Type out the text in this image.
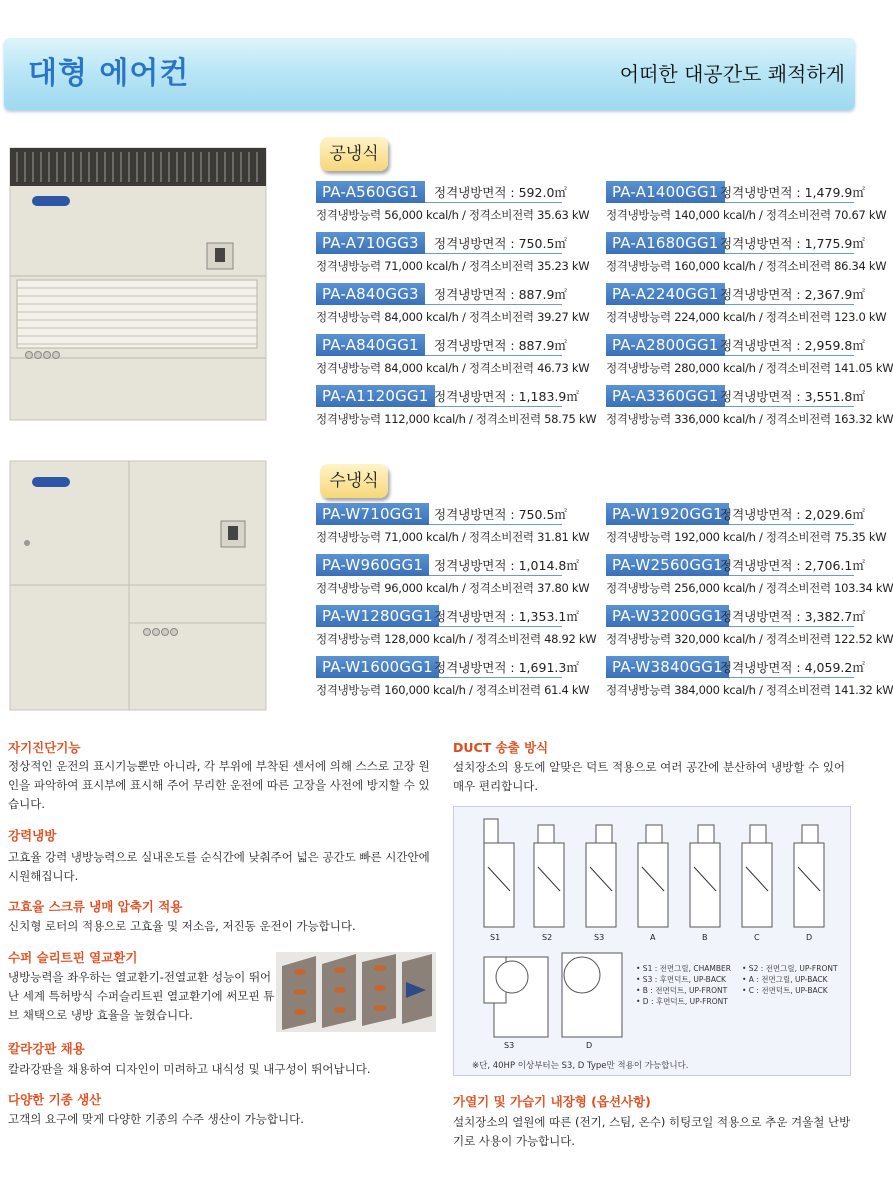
대형 에어컨	어떠한 대공간도 쾌적하게
공냉식
PA-A560GG1	정격냉방면적 : 592.0㎡
정격냉방능력 56,000 kcal/h / 정격소비전력 35.63 kW
PA-A710GG3	정격냉방면적 : 750.5㎡
정격냉방능력 71,000 kcal/h / 정격소비전력 35.23 kW
PA-A840GG3	정격냉방면적 : 887.9㎡
정격냉방능력 84,000 kcal/h / 정격소비전력 39.27 kW
PA-A840GG1	정격냉방면적 : 887.9㎡
정격냉방능력 84,000 kcal/h / 정격소비전력 46.73 kW
PA-A1120GG1 정격냉방면적 : 1,183.9㎡
정격냉방능력 112,000 kcal/h / 정격소비전력 58.75 kW
PA-A1400GG1 정격냉방면적 : 1,479.9㎡
정격냉방능력 140,000 kcal/h / 정격소비전력 70.67 kW
PA-A1680GG1 정격냉방면적 : 1,775.9㎡
정격냉방능력 160,000 kcal/h / 정격소비전력 86.34 kW
PA-A2240GG1 정격냉방면적 : 2,367.9㎡
정격냉방능력 224,000 kcal/h / 정격소비전력 123.0 kW
PA-A2800GG1 정격냉방면적 : 2,959.8㎡
정격냉방능력 280,000 kcal/h / 정격소비전력 141.05 kW
PA-A3360GG1 정격냉방면적 : 3,551.8㎡
정격냉방능력 336,000 kcal/h / 정격소비전력 163.32 kW
수냉식
PA-W710GG1 정격냉방면적 : 750.5㎡
정격냉방능력 71,000 kcal/h / 정격소비전력 31.81 kW
PA-W960GG1 정격냉방면적 : 1,014.8㎡
정격냉방능력 96,000 kcal/h / 정격소비전력 37.80 kW
PA-W1280GG1 정격냉방면적 : 1,353.1㎡
정격냉방능력 128,000 kcal/h / 정격소비전력 48.92 kW
PA-W1600GG1 정격냉방면적 : 1,691.3㎡
정격냉방능력 160,000 kcal/h / 정격소비전력 61.4 kW
PA-W1920GG1
정격냉방면적 : 2,029.6㎡
정격냉방능력 192,000 kcal/h / 정격소비전력 75.35 kW
PA-W2560GG1
정격냉방면적 : 2,706.1㎡
정격냉방능력 256,000 kcal/h / 정격소비전력 103.34 kW
PA-W3200GG1
정격냉방면적 : 3,382.7㎡
정격냉방능력 320,000 kcal/h / 정격소비전력 122.52 kW
PA-W3840GG1
정격냉방면적 : 4,059.2㎡
정격냉방능력 384,000 kcal/h / 정격소비전력 141.32 kW
자기진단기능
정상적인 운전의 표시기능뿐만 아니라, 각 부위에 부착된 센서에 의해 스스로 고장 원인을 파악하여 표시부에 표시해 주어 무리한 운전에 따른 고장을 사전에 방지할 수 있습니다.
강력냉방
고효율 강력 냉방능력으로 실내온도를 순식간에 낮춰주어 넓은 공간도 빠른 시간안에 시원해집니다.
고효율 스크류 냉매 압축기 적용
신치형 로터의 적용으로 고효율 및 저소음, 저진동 운전이 가능합니다.
수퍼 슬리트핀 열교환기
냉방능력을 좌우하는 열교환기-전열교환 성능이 뛰어난 세계 특허방식 수퍼슬리트핀 열교환기에 써모핀 튜브 채택으로 냉방 효율을 높혔습니다.
칼라강판 채용
칼라강판을 채용하여 디자인이 미려하고 내식성 및 내구성이 뛰어납니다.
다양한 기종 생산
고객의 요구에 맞게 다양한 기종의 수주 생산이 가능합니다.
DUCT 송출 방식
설치장소의 용도에 알맞은 덕트 적용으로 여러 공간에 분산하여 냉방할 수 있어 매우 편리합니다.
S1	S2	S3	A	B	C	D
S3	D
• S1 : 전면그릴, CHAMBER
• S3 : 후면덕트, UP-BACK
• B : 전면덕트, UP-FRONT
• D : 후면덕트, UP-FRONT
• S2 : 전면그릴, UP-FRONT
• A : 전면그릴, UP-BACK
• C : 전면덕트, UP-BACK
※단, 40HP 이상부터는 S3, D Type만 적용이 가능합니다.
가열기 및 가습기 내장형 (옵션사항)
설치장소의 열원에 따른 (전기, 스팀, 온수) 히팅코일 적용으로 추운 겨울철 난방기로 사용이 가능합니다.
